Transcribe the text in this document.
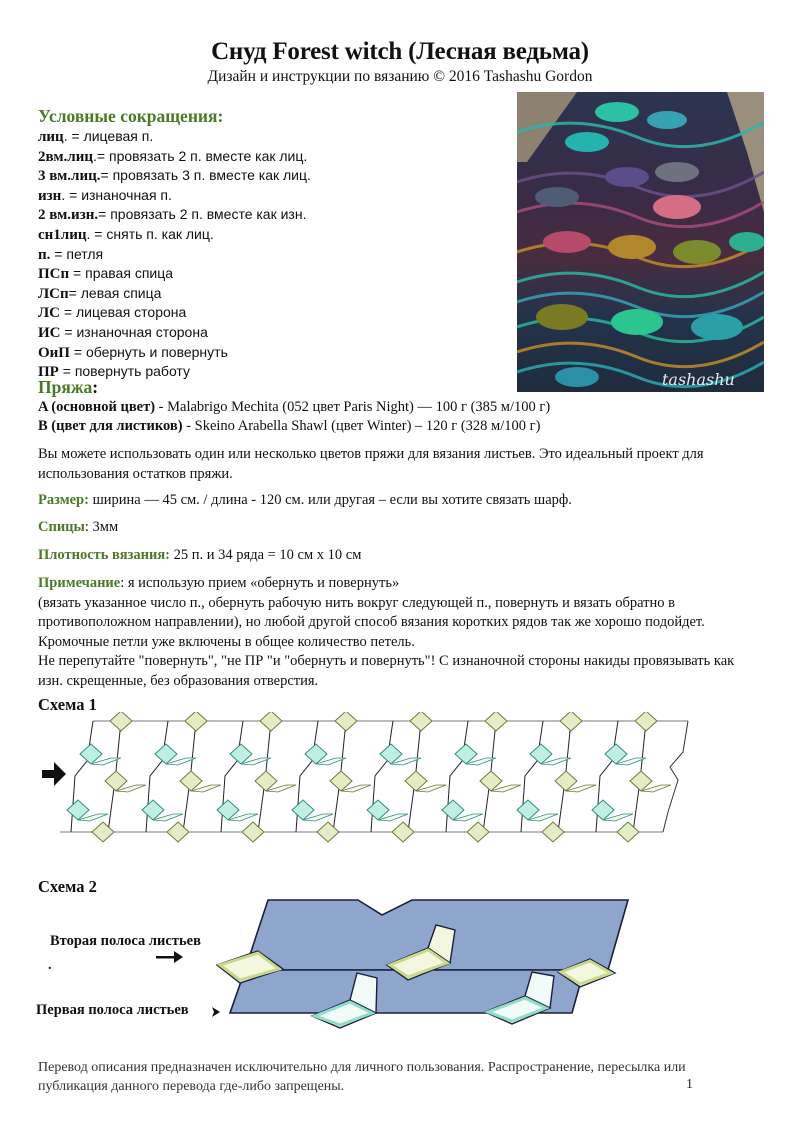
Снуд Forest witch (Лесная ведьма)
Дизайн и инструкции по вязанию © 2016 Tashashu Gordon
Условные сокращения:
лиц. = лицевая п.
2вм.лиц.= провязать 2 п. вместе как лиц.
3 вм.лиц.= провязать 3 п. вместе как лиц.
изн. = изнаночная п.
2 вм.изн.= провязать 2 п. вместе как изн.
сн1лиц. = снять п. как лиц.
п. = петля
ПСп = правая спица
ЛСп= левая спица
ЛС = лицевая сторона
ИС = изнаночная сторона
ОиП = обернуть и повернуть
ПР = повернуть работу	tashashu
Пряжа:
A (основной цвет) - Malabrigo Mechita (052 цвет Paris Night) — 100 г (385 м/100 г)
B (цвет для листиков) - Skeino Arabella Shawl (цвет Winter) – 120 г (328 м/100 г)
Вы можете использовать один или несколько цветов пряжи для вязания листьев. Это идеальный проект для использования остатков пряжи.
Размер: ширина — 45 см. / длина - 120 см. или другая – если вы хотите связать шарф.
Спицы: 3мм
Плотность вязания: 25 п. и 34 ряда = 10 см х 10 см
Примечание: я использую прием «обернуть и повернуть»
(вязать указанное число п., обернуть рабочую нить вокруг следующей п., повернуть и вязать обратно в противоположном направлении), но любой другой способ вязания коротких рядов так же хорошо подойдет. Кромочные петли уже включены в общее количество петель.
Не перепутайте "повернуть", "не ПР "и "обернуть и повернуть"! С изнаночной стороны накиды провязывать как изн. скрещенные, без образования отверстия.
Схема 1
Схема 2
Вторая полоса листьев
.
Первая полоса листьев
Перевод описания предназначен исключительно для личного пользования. Распространение, пересылка или публикация данного перевода где-либо запрещены.	1
